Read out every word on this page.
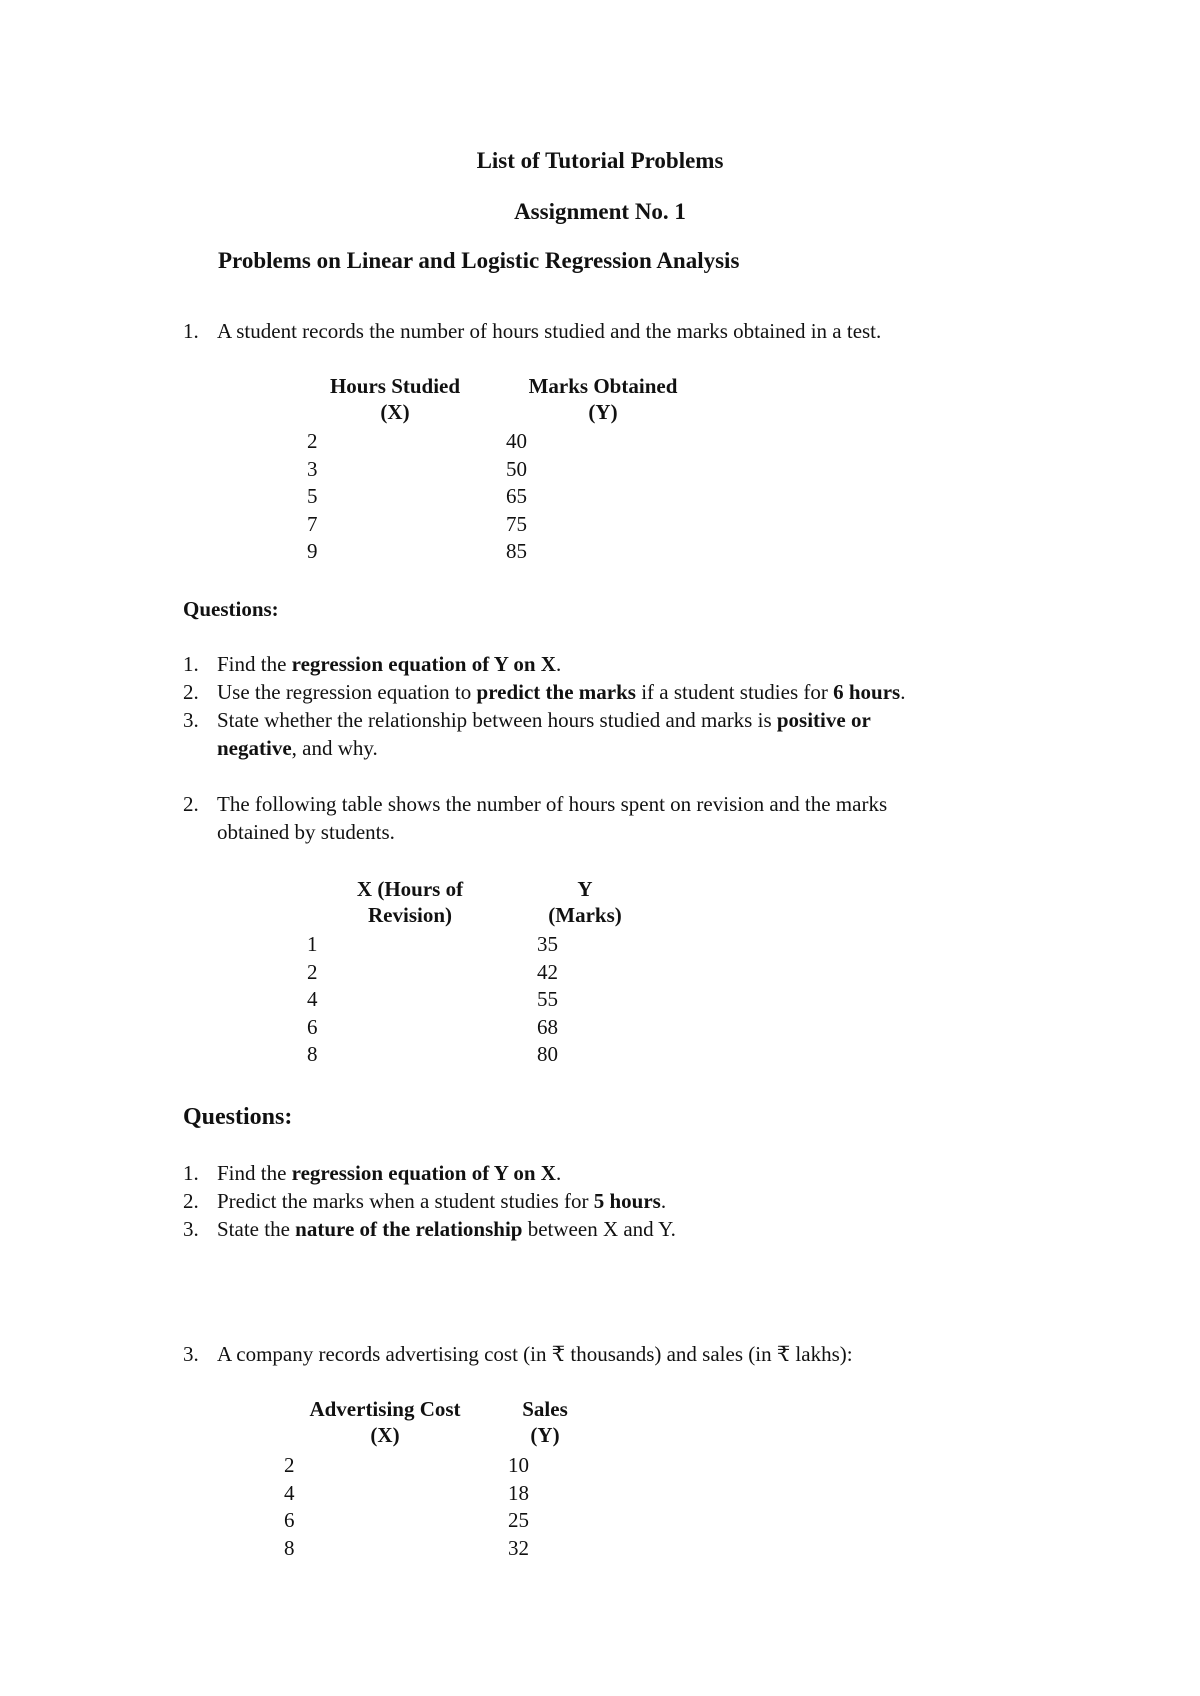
List of Tutorial Problems
Assignment No. 1
Problems on Linear and Logistic Regression Analysis
1. A student records the number of hours studied and the marks obtained in a test.
Hours Studied
(X)
Marks Obtained
(Y)
2
3
5
7
9
40
50
65
75
85
Questions:
1. Find the regression equation of Y on X.
2. Use the regression equation to predict the marks if a student studies for 6 hours.
3. State whether the relationship between hours studied and marks is positive or
negative, and why.
2. The following table shows the number of hours spent on revision and the marks
obtained by students.
X (Hours of
Revision)
Y
(Marks)
1
2
4
6
8
35
42
55
68
80
Questions:
1. Find the regression equation of Y on X.
2. Predict the marks when a student studies for 5 hours.
3. State the nature of the relationship between X and Y.
3. A company records advertising cost (in ₹ thousands) and sales (in ₹ lakhs):
Advertising Cost
(X)
Sales
(Y)
2
4
6
8
10
18
25
32
